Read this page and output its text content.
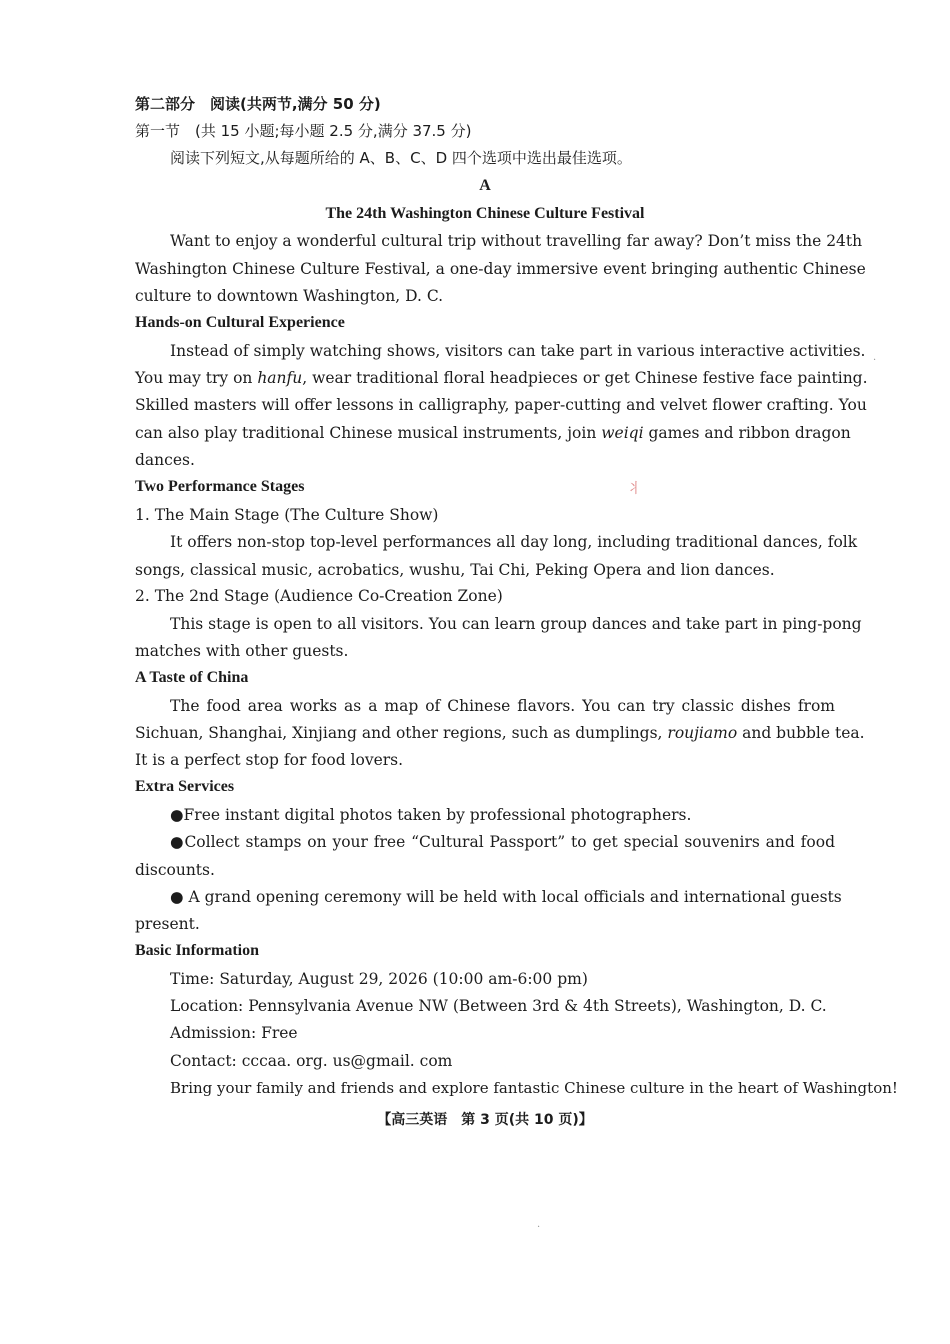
第二部分　阅读(共两节,满分 50 分)
第一节　(共 15 小题;每小题 2.5 分,满分 37.5 分)
阅读下列短文,从每题所给的 A、B、C、D 四个选项中选出最佳选项。
A
The 24th Washington Chinese Culture Festival
Want to enjoy a wonderful cultural trip without travelling far away? Don’t miss the 24th
Washington Chinese Culture Festival, a one-day immersive event bringing authentic Chinese
culture to downtown Washington, D. C.
Hands-on Cultural Experience
Instead of simply watching shows, visitors can take part in various interactive activities.
You may try on hanfu, wear traditional floral headpieces or get Chinese festive face painting.
Skilled masters will offer lessons in calligraphy, paper-cutting and velvet flower crafting. You
can also play traditional Chinese musical instruments, join weiqi games and ribbon dragon
dances.
Two Performance Stages	丬
1. The Main Stage (The Culture Show)
It offers non-stop top-level performances all day long, including traditional dances, folk
songs, classical music, acrobatics, wushu, Tai Chi, Peking Opera and lion dances.
2. The 2nd Stage (Audience Co-Creation Zone)
This stage is open to all visitors. You can learn group dances and take part in ping-pong
matches with other guests.
A Taste of China
The food area works as a map of Chinese flavors. You can try classic dishes from
Sichuan, Shanghai, Xinjiang and other regions, such as dumplings, roujiamo and bubble tea.
It is a perfect stop for food lovers.
Extra Services
●Free instant digital photos taken by professional photographers.
●Collect stamps on your free “Cultural Passport” to get special souvenirs and food
discounts.
● A grand opening ceremony will be held with local officials and international guests
present.
Basic Information
Time: Saturday, August 29, 2026 (10:00 am-6:00 pm)
Location: Pennsylvania Avenue NW (Between 3rd & 4th Streets), Washington, D. C.
Admission: Free
Contact: cccaa. org. us@gmail. com
Bring your family and friends and explore fantastic Chinese culture in the heart of Washington!
【高三英语　第 3 页(共 10 页)】
·
·
